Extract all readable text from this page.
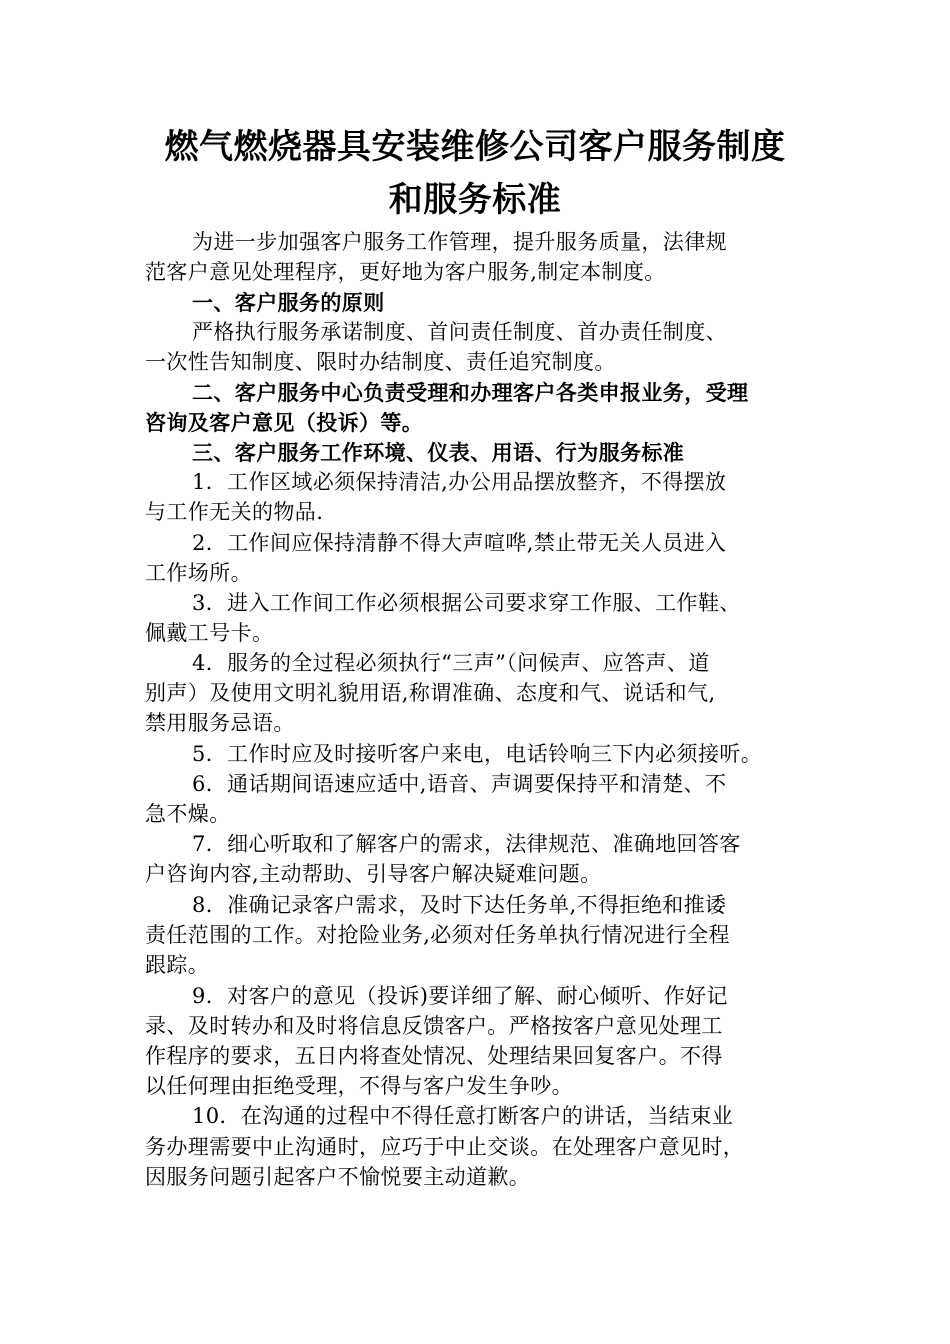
燃气燃烧器具安装维修公司客户服务制度
和服务标准
为进一步加强客户服务工作管理，提升服务质量，法律规
范客户意见处理程序，更好地为客户服务,制定本制度。
一、客户服务的原则
严格执行服务承诺制度、首问责任制度、首办责任制度、
一次性告知制度、限时办结制度、责任追究制度。
二、客户服务中心负责受理和办理客户各类申报业务，受理
咨询及客户意见（投诉）等。
三、客户服务工作环境、仪表、用语、行为服务标准
1．工作区域必须保持清洁,办公用品摆放整齐，不得摆放
与工作无关的物品.
2．工作间应保持清静不得大声喧哗,禁止带无关人员进入
工作场所。
3．进入工作间工作必须根据公司要求穿工作服、工作鞋、
佩戴工号卡。
4．服务的全过程必须执行“三声”（问候声、应答声、道
别声）及使用文明礼貌用语,称谓准确、态度和气、说话和气,
禁用服务忌语。
5．工作时应及时接听客户来电，电话铃响三下内必须接听。
6．通话期间语速应适中,语音、声调要保持平和清楚、不
急不燥。
7．细心听取和了解客户的需求，法律规范、准确地回答客
户咨询内容,主动帮助、引导客户解决疑难问题。
8．准确记录客户需求，及时下达任务单,不得拒绝和推诿
责任范围的工作。对抢险业务,必须对任务单执行情况进行全程
跟踪。
9．对客户的意见（投诉)要详细了解、耐心倾听、作好记
录、及时转办和及时将信息反馈客户。严格按客户意见处理工
作程序的要求，五日内将查处情况、处理结果回复客户。不得
以任何理由拒绝受理，不得与客户发生争吵。
10．在沟通的过程中不得任意打断客户的讲话，当结束业
务办理需要中止沟通时，应巧于中止交谈。在处理客户意见时，
因服务问题引起客户不愉悦要主动道歉。
